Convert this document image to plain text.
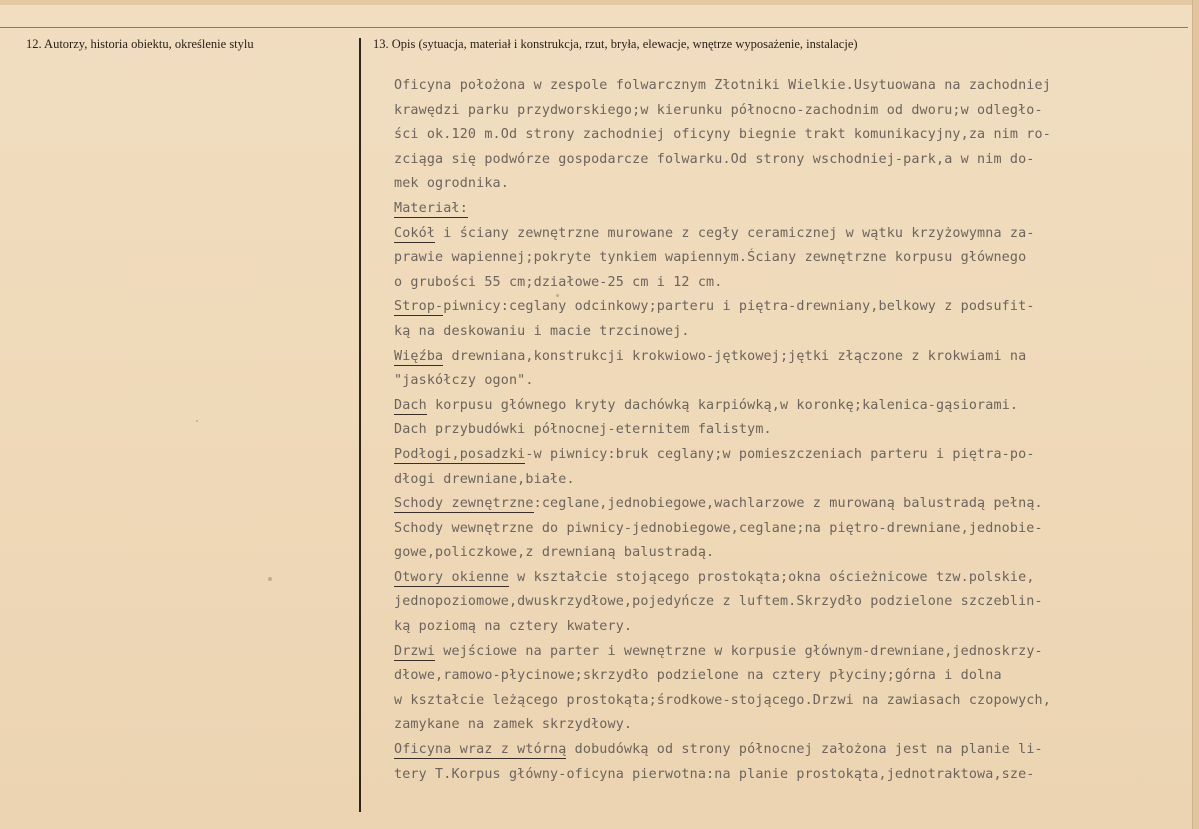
12. Autorzy, historia obiektu, określenie stylu	13. Opis (sytuacja, materiał i konstrukcja, rzut, bryła, elewacje, wnętrze wyposażenie, instalacje)
Oficyna położona w zespole folwarcznym Złotniki Wielkie.Usytuowana na zachodniej
krawędzi parku przydworskiego;w kierunku północno-zachodnim od dworu;w odległo-
ści ok.120 m.Od strony zachodniej oficyny biegnie trakt komunikacyjny,za nim ro-
zciąga się podwórze gospodarcze folwarku.Od strony wschodniej-park,a w nim do-
mek ogrodnika.
Materiał:
Cokół i ściany zewnętrzne murowane z cegły ceramicznej w wątku krzyżowymna za-
prawie wapiennej;pokryte tynkiem wapiennym.Ściany zewnętrzne korpusu głównego
o grubości 55 cm;działowe-25 cm i 12 cm.
Strop-piwnicy:ceglany odcinkowy;parteru i piętra-drewniany,belkowy z podsufit-
ką na deskowaniu i macie trzcinowej.
Więźba drewniana,konstrukcji krokwiowo-jętkowej;jętki złączone z krokwiami na
"jaskółczy ogon".
Dach korpusu głównego kryty dachówką karpiówką,w koronkę;kalenica-gąsiorami.
Dach przybudówki północnej-eternitem falistym.
Podłogi,posadzki-w piwnicy:bruk ceglany;w pomieszczeniach parteru i piętra-po-
dłogi drewniane,białe.
Schody zewnętrzne:ceglane,jednobiegowe,wachlarzowe z murowaną balustradą pełną.
Schody wewnętrzne do piwnicy-jednobiegowe,ceglane;na piętro-drewniane,jednobie-
gowe,policzkowe,z drewnianą balustradą.
Otwory okienne w kształcie stojącego prostokąta;okna ościeżnicowe tzw.polskie,
jednopoziomowe,dwuskrzydłowe,pojedyńcze z luftem.Skrzydło podzielone szczeblin-
ką poziomą na cztery kwatery.
Drzwi wejściowe na parter i wewnętrzne w korpusie głównym-drewniane,jednoskrzy-
dłowe,ramowo-płycinowe;skrzydło podzielone na cztery płyciny;górna i dolna
w kształcie leżącego prostokąta;środkowe-stojącego.Drzwi na zawiasach czopowych,
zamykane na zamek skrzydłowy.
Oficyna wraz z wtórną dobudówką od strony północnej założona jest na planie li-
tery T.Korpus główny-oficyna pierwotna:na planie prostokąta,jednotraktowa,sze-
